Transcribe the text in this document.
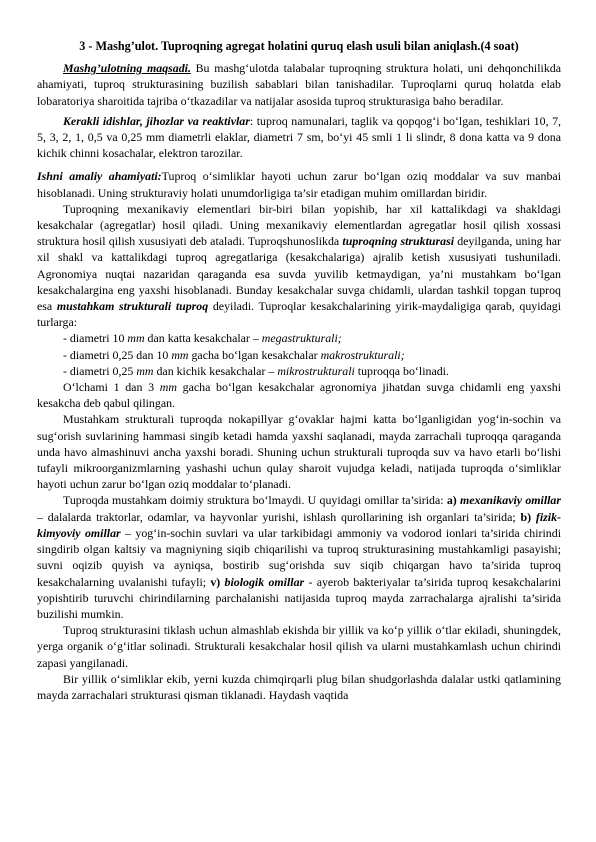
3 - Mashg’ulot. Tuproqning agregat holatini quruq elash usuli bilan aniqlash.(4 soat)

Mashg’ulotning maqsadi. Bu mashg‘ulotda talabalar tuproqning struktura holati, uni dehqonchilikda ahamiyati, tuproq strukturasining buzilish sabablari bilan tanishadilar. Tuproqlarni quruq holatda elab lobaratoriya sharoitida tajriba o‘tkazadilar va natijalar asosida tuproq strukturasiga baho beradilar.

Kerakli idishlar, jihozlar va reaktivlar: tuproq namunalari, taglik va qopqog‘i bo‘lgan, teshiklari 10, 7, 5, 3, 2, 1, 0,5 va 0,25 mm diametrli elaklar, diametri 7 sm, bo‘yi 45 smli 1 li slindr, 8 dona katta va 9 dona kichik chinni kosachalar, elektron tarozilar.

Ishni amaliy ahamiyati:Tuproq o‘simliklar hayoti uchun zarur bo‘lgan oziq moddalar va suv manbai hisoblanadi. Uning strukturaviy holati unumdorligiga ta’sir etadigan muhim omillardan biridir.

Tuproqning mexanikaviy elementlari bir-biri bilan yopishib, har xil kattalikdagi va shakldagi kesakchalar (agregatlar) hosil qiladi. Uning mexanikaviy elementlardan agregatlar hosil qilish xossasi struktura hosil qilish xususiyati deb ataladi. Tuproqshunoslikda tuproqning strukturasi deyilganda, uning har xil shakl va kattalikdagi tuproq agregatlariga (kesakchalariga) ajralib ketish xususiyati tushuniladi. Agronomiya nuqtai nazaridan qaraganda esa suvda yuvilib ketmaydigan, ya’ni mustahkam bo‘lgan kesakchalargina eng yaxshi hisoblanadi. Bunday kesakchalar suvga chidamli, ulardan tashkil topgan tuproq esa mustahkam strukturali tuproq deyiladi. Tuproqlar kesakchalarining yirik-maydaligiga qarab, quyidagi turlarga:

- diametri 10 mm dan katta kesakchalar – megastrukturali;

- diametri 0,25 dan 10 mm gacha bo‘lgan kesakchalar makrostrukturali;

- diametri 0,25 mm dan kichik kesakchalar – mikrostrukturali tuproqqa bo‘linadi.

O‘lchami 1 dan 3 mm gacha bo‘lgan kesakchalar agronomiya jihatdan suvga chidamli eng yaxshi kesakcha deb qabul qilingan.

Mustahkam strukturali tuproqda nokapillyar g‘ovaklar hajmi katta bo‘lganligidan yog‘in-sochin va sug‘orish suvlarining hammasi singib ketadi hamda yaxshi saqlanadi, mayda zarrachali tuproqqa qaraganda unda havo almashinuvi ancha yaxshi boradi. Shuning uchun strukturali tuproqda suv va havo etarli bo‘lishi tufayli mikroorganizmlarning yashashi uchun qulay sharoit vujudga keladi, natijada tuproqda o‘simliklar hayoti uchun zarur bo‘lgan oziq moddalar to‘planadi.

Tuproqda mustahkam doimiy struktura bo‘lmaydi. U quyidagi omillar ta’sirida: a) mexanikaviy omillar – dalalarda traktorlar, odamlar, va hayvonlar yurishi, ishlash qurollarining ish organlari ta’sirida; b) fizik-kimyoviy omillar – yog‘in-sochin suvlari va ular tarkibidagi ammoniy va vodorod ionlari ta’sirida chirindi singdirib olgan kaltsiy va magniyning siqib chiqarilishi va tuproq strukturasining mustahkamligi pasayishi; suvni oqizib quyish va ayniqsa, bostirib sug‘orishda suv siqib chiqargan havo ta’sirida tuproq kesakchalarning uvalanishi tufayli; v) biologik omillar - ayerob bakteriyalar ta’sirida tuproq kesakchalarini yopishtirib turuvchi chirindilarning parchalanishi natijasida tuproq mayda zarrachalarga ajralishi ta’sirida buzilishi mumkin.

Tuproq strukturasini tiklash uchun almashlab ekishda bir yillik va ko‘p yillik o‘tlar ekiladi, shuningdek, yerga organik o‘g‘itlar solinadi. Strukturali kesakchalar hosil qilish va ularni mustahkamlash uchun chirindi zapasi yangilanadi.

Bir yillik o‘simliklar ekib, yerni kuzda chimqirqarli plug bilan shudgorlashda dalalar ustki qatlamining mayda zarrachalari strukturasi qisman tiklanadi. Haydash vaqtida
